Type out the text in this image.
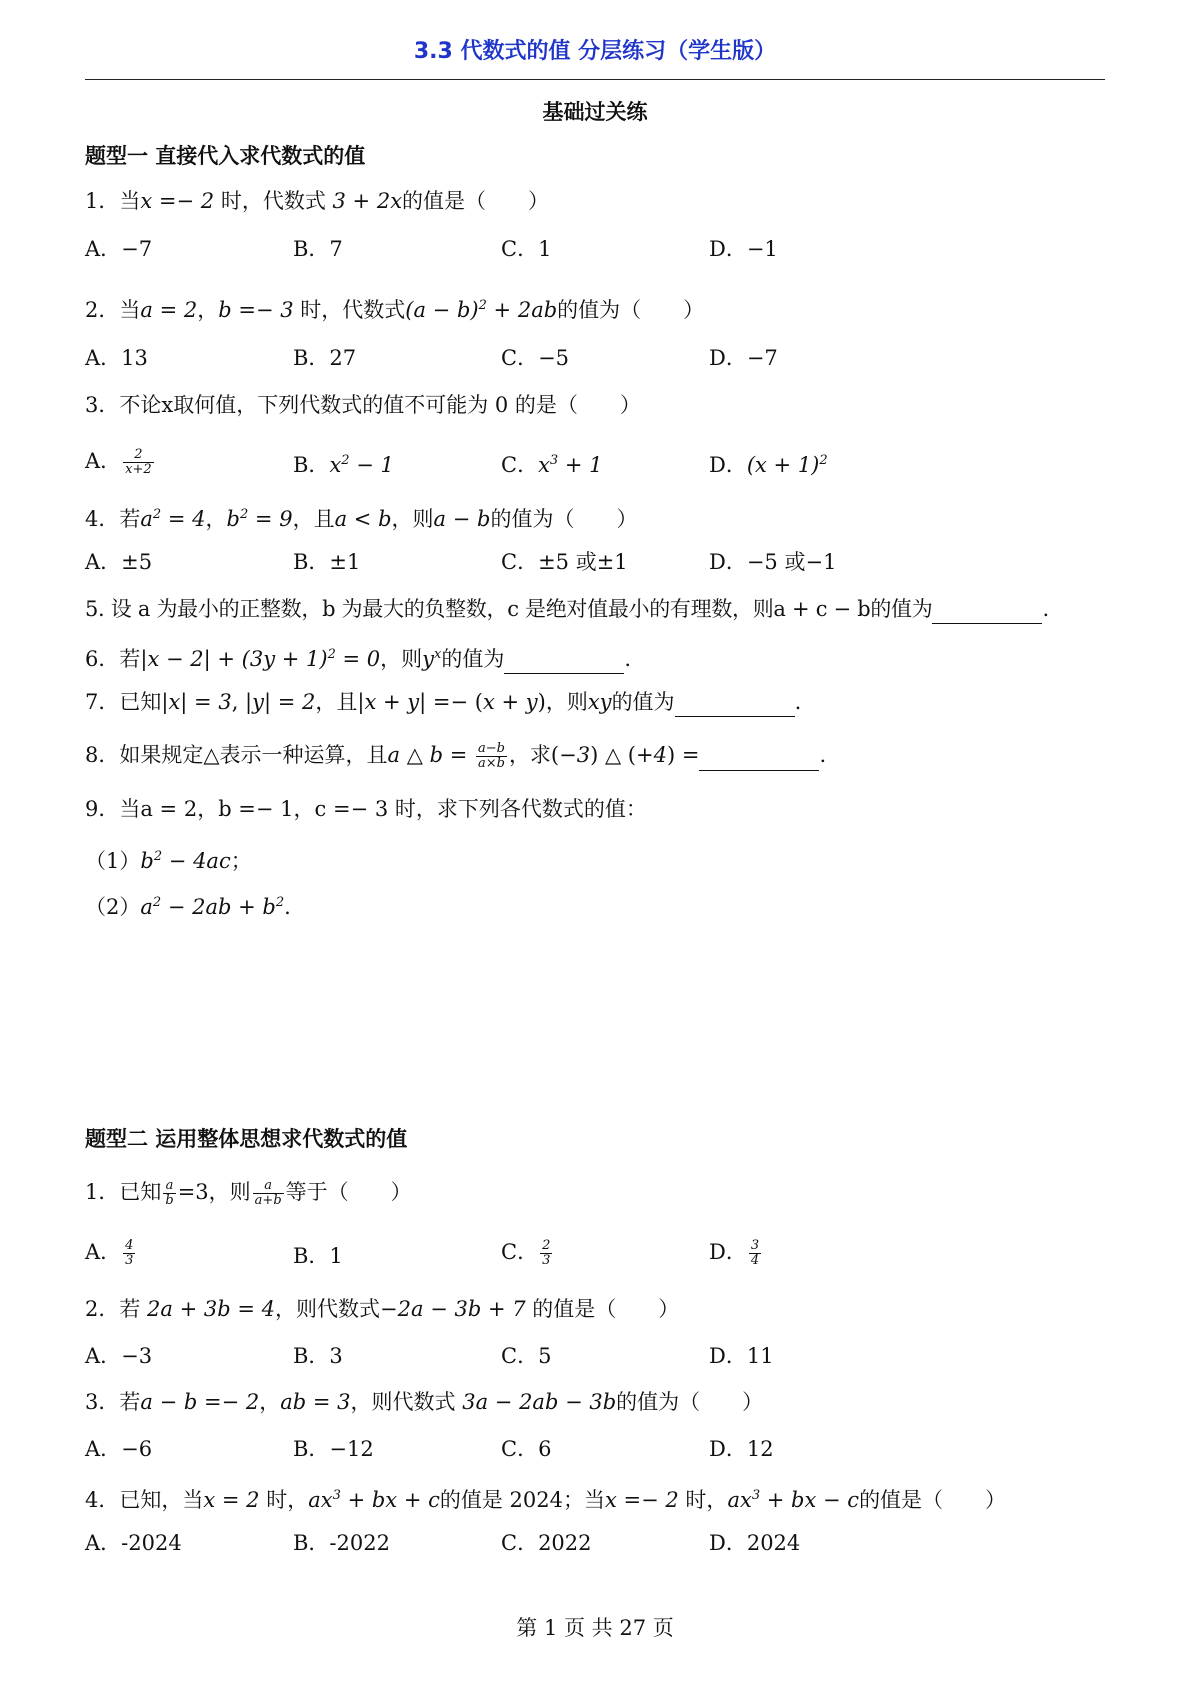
3.3 代数式的值 分层练习（学生版）
基础过关练
题型一 直接代入求代数式的值
1．当x =− 2 时，代数式 3 + 2x的值是（　　）
A．−7	B．7	C．1	D．−1
2．当a = 2，b =− 3 时，代数式$(a - b)^2 + 2ab$的值为（　　）
A．13	B．27	C．−5	D．−7
3．不论x取何值，下列代数式的值不可能为 0 的是（　　）
A． $\frac{2}{x+2}$	B．$x^2 - 1$	C．$x^3 + 1$	D．$(x + 1)^2$
4．若$a^2 = 4$，$b^2 = 9$，且a < b，则a − b的值为（　　）
A．±5	B．±1	C．±5 或±1	D．−5 或−1
5. 设 a 为最小的正整数，b 为最大的负整数，c 是绝对值最小的有理数，则a + c − b的值为	.
6．若$|x - 2| + (3y + 1)^2 = 0$，则$y^x$的值为	.
7．已知|x| = 3, |y| = 2，且|x + y| =− (x + y)，则xy的值为	.
8．如果规定△表示一种运算，且a △ $b = \frac{a-b}{a\times b}$ ，求(−3) △ (+4) =	.
9．当a = 2，b =− 1，c =− 3 时，求下列各代数式的值：
$(1)b^2 - 4ac$；
$(2)a^2 - 2ab + b^2$.
题型二 运用整体思想求代数式的值
1．已知 $\frac{a}{b} =3$，则 $\frac{a}{a+b}$ 等于（　　）
A． $\frac{4}{3}$	B．1	C． $\frac{2}{3}$	D． $\frac{3}{4}$
2．若 2a + 3b = 4，则代数式−2a − 3b + 7 的值是（　　）
A．−3	B．3	C．5	D．11
3．若a − b =− 2，ab = 3，则代数式 3a − 2ab − 3b的值为（　　）
A．−6	B．−12	C．6	D．12
4．已知，当x = 2 时，$ax^3$ + bx + c的值是 2024；当x =− 2 时，$ax^3$ + bx − c的值是（　　）
A．-2024	B．-2022	C．2022	D．2024
第 1 页 共 27 页
